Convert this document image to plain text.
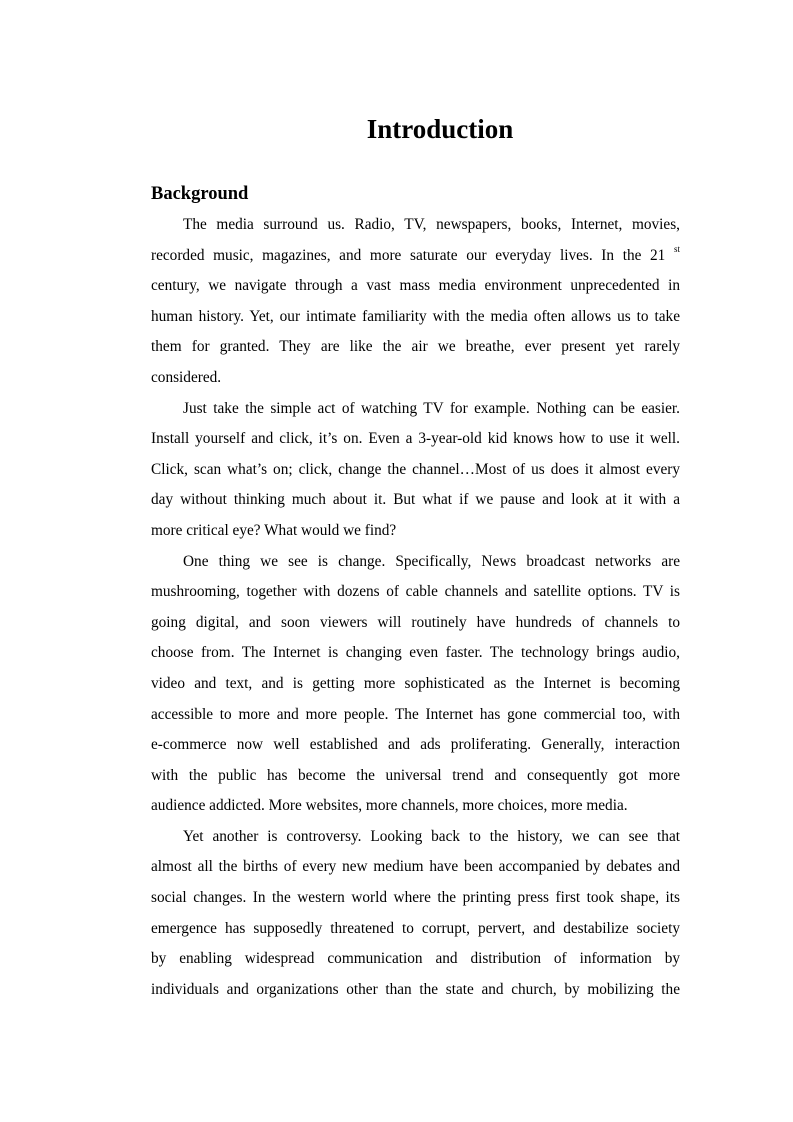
Introduction
Background
The media surround us. Radio, TV, newspapers, books, Internet, movies,
recorded music, magazines, and more saturate our everyday lives. In the 21 $^{st}$
century, we navigate through a vast mass media environment unprecedented in
human history. Yet, our intimate familiarity with the media often allows us to take
them for granted. They are like the air we breathe, ever present yet rarely
considered.
Just take the simple act of watching TV for example. Nothing can be easier.
Install yourself and click, it’s on. Even a 3-year-old kid knows how to use it well.
Click, scan what’s on; click, change the channel…Most of us does it almost every
day without thinking much about it. But what if we pause and look at it with a
more critical eye? What would we find?
One thing we see is change. Specifically, News broadcast networks are
mushrooming, together with dozens of cable channels and satellite options. TV is
going digital, and soon viewers will routinely have hundreds of channels to
choose from. The Internet is changing even faster. The technology brings audio,
video and text, and is getting more sophisticated as the Internet is becoming
accessible to more and more people. The Internet has gone commercial too, with
e-commerce now well established and ads proliferating. Generally, interaction
with the public has become the universal trend and consequently got more
audience addicted. More websites, more channels, more choices, more media.
Yet another is controversy. Looking back to the history, we can see that
almost all the births of every new medium have been accompanied by debates and
social changes. In the western world where the printing press first took shape, its
emergence has supposedly threatened to corrupt, pervert, and destabilize society
by enabling widespread communication and distribution of information by
individuals and organizations other than the state and church, by mobilizing the
